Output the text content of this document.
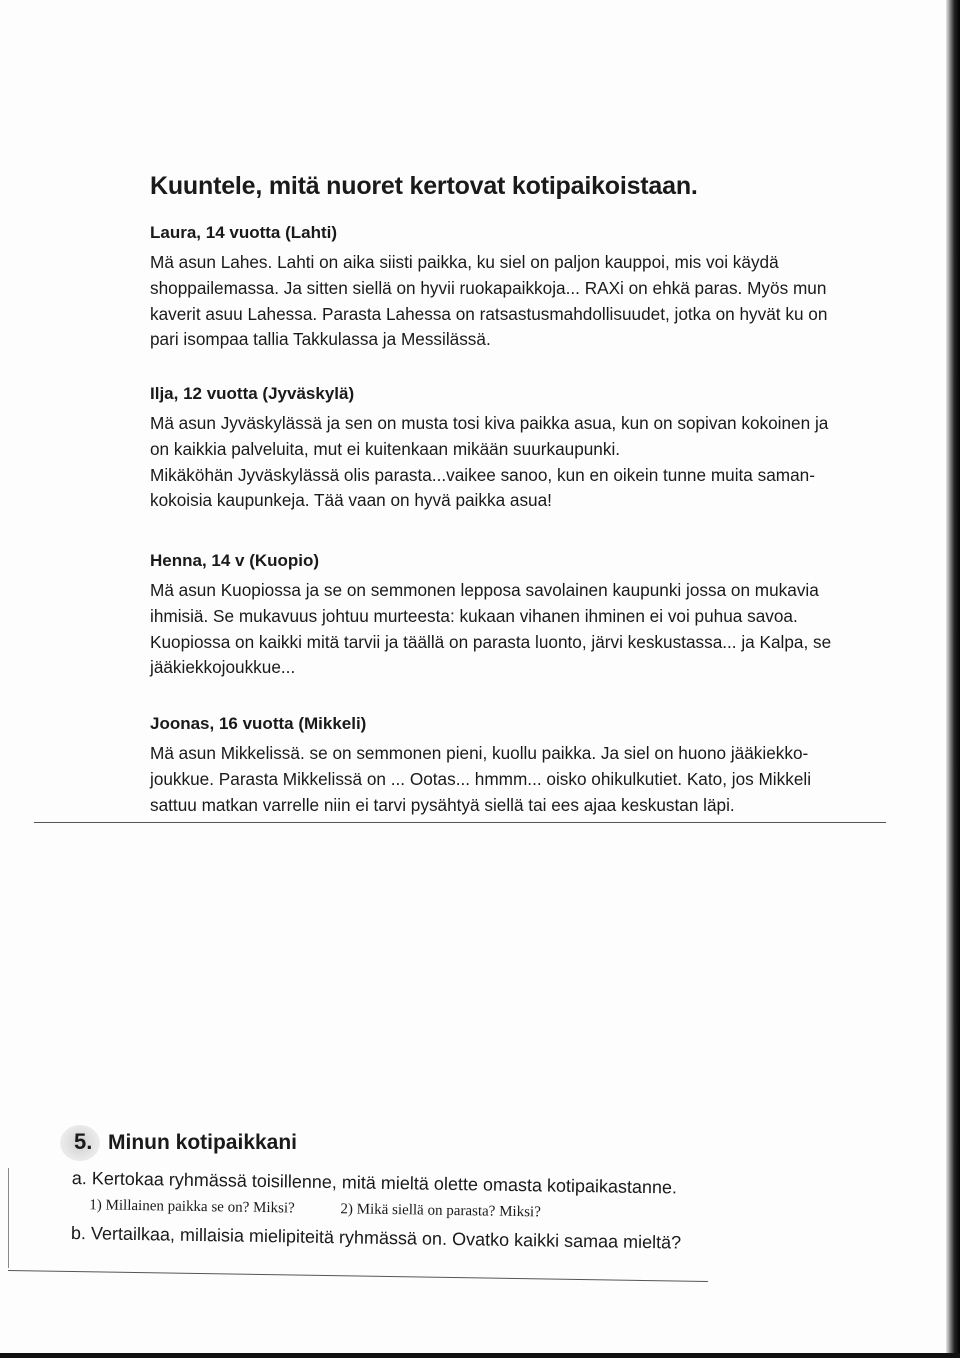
Kuuntele, mitä nuoret kertovat kotipaikoistaan.

Laura, 14 vuotta (Lahti)

Mä asun Lahes. Lahti on aika siisti paikka, ku siel on paljon kauppoi, mis voi käydä

shoppailemassa. Ja sitten siellä on hyvii ruokapaikkoja... RAXi on ehkä paras. Myös mun

kaverit asuu Lahessa. Parasta Lahessa on ratsastusmahdollisuudet, jotka on hyvät ku on

pari isompaa tallia Takkulassa ja Messilässä.

Ilja, 12 vuotta (Jyväskylä)

Mä asun Jyväskylässä ja sen on musta tosi kiva paikka asua, kun on sopivan kokoinen ja

on kaikkia palveluita, mut ei kuitenkaan mikään suurkaupunki.

Mikäköhän Jyväskylässä olis parasta...vaikee sanoo, kun en oikein tunne muita saman-

kokoisia kaupunkeja. Tää vaan on hyvä paikka asua!

Henna, 14 v (Kuopio)

Mä asun Kuopiossa ja se on semmonen lepposa savolainen kaupunki jossa on mukavia

ihmisiä. Se mukavuus johtuu murteesta: kukaan vihanen ihminen ei voi puhua savoa.

Kuopiossa on kaikki mitä tarvii ja täällä on parasta luonto, järvi keskustassa... ja Kalpa, se

jääkiekkojoukkue...

Joonas, 16 vuotta (Mikkeli)

Mä asun Mikkelissä. se on semmonen pieni, kuollu paikka. Ja siel on huono jääkiekko-

joukkue. Parasta Mikkelissä on ... Ootas... hmmm... oisko ohikulkutiet. Kato, jos Mikkeli

sattuu matkan varrelle niin ei tarvi pysähtyä siellä tai ees ajaa keskustan läpi.

5. Minun kotipaikkani

a. Kertokaa ryhmässä toisillenne, mitä mieltä olette omasta kotipaikastanne.

1) Millainen paikka se on? Miksi?	2) Mikä siellä on parasta? Miksi?

b. Vertailkaa, millaisia mielipiteitä ryhmässä on. Ovatko kaikki samaa mieltä?
